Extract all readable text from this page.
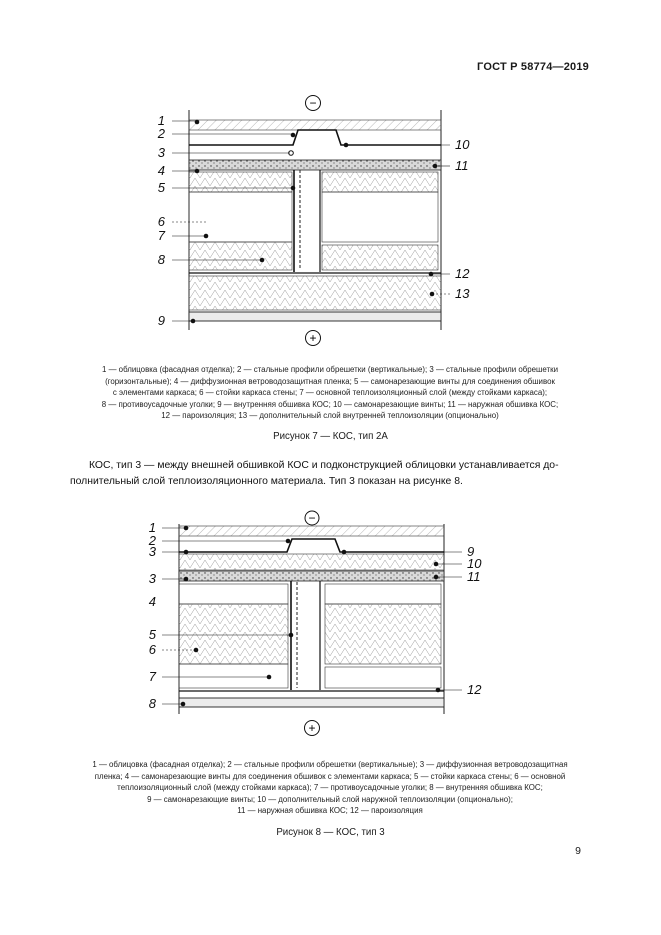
ГОСТ Р 58774—2019
−
+
1
2
3
4
5
6
7
8
9
10
11
12
13
1 — облицовка (фасадная отделка); 2 — стальные профили обрешетки (вертикальные); 3 — стальные профили обрешетки
(горизонтальные); 4 — диффузионная ветроводозащитная пленка; 5 — самонарезающие винты для соединения обшивок
с элементами каркаса; 6 — стойки каркаса стены; 7 — основной теплоизоляционный слой (между стойками каркаса);
8 — противоусадочные уголки; 9 — внутренняя обшивка КОС; 10 — самонарезающие винты; 11 — наружная обшивка КОС;
12 — пароизоляция; 13 — дополнительный слой внутренней теплоизоляции (опционально)
Рисунок 7 — КОС, тип 2А
КОС, тип 3 — между внешней обшивкой КОС и подконструкцией облицовки устанавливается до-
полнительный слой теплоизоляционного материала. Тип 3 показан на рисунке 8.
−
+
1
2
3
3
4
5
6
7
8
9
10
11
12
1 — облицовка (фасадная отделка); 2 — стальные профили обрешетки (вертикальные); 3 — диффузионная ветроводозащитная
пленка; 4 — самонарезающие винты для соединения обшивок с элементами каркаса; 5 — стойки каркаса стены; 6 — основной
теплоизоляционный слой (между стойками каркаса); 7 — противоусадочные уголки; 8 — внутренняя обшивка КОС;
9 — самонарезающие винты; 10 — дополнительный слой наружной теплоизоляции (опционально);
11 — наружная обшивка КОС; 12 — пароизоляция
Рисунок 8 — КОС, тип 3
9
